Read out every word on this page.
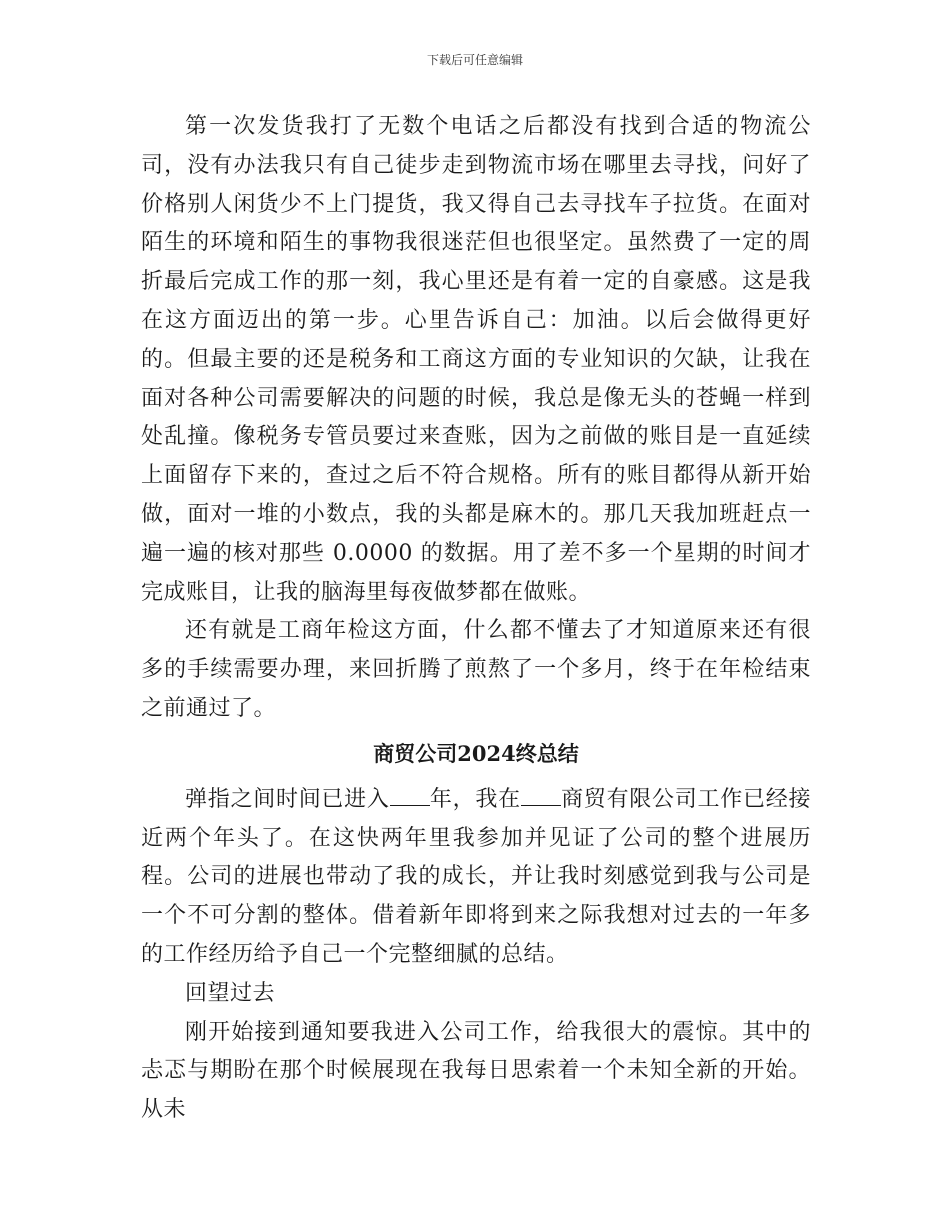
下载后可任意编辑

第一次发货我打了无数个电话之后都没有找到合适的物流公司，没有办法我只有自己徒步走到物流市场在哪里去寻找，问好了价格别人闲货少不上门提货，我又得自己去寻找车子拉货。在面对陌生的环境和陌生的事物我很迷茫但也很坚定。虽然费了一定的周折最后完成工作的那一刻，我心里还是有着一定的自豪感。这是我在这方面迈出的第一步。心里告诉自己：加油。以后会做得更好的。但最主要的还是税务和工商这方面的专业知识的欠缺，让我在面对各种公司需要解决的问题的时候，我总是像无头的苍蝇一样到处乱撞。像税务专管员要过来查账，因为之前做的账目是一直延续上面留存下来的，查过之后不符合规格。所有的账目都得从新开始做，面对一堆的小数点，我的头都是麻木的。那几天我加班赶点一遍一遍的核对那些 0.0000 的数据。用了差不多一个星期的时间才完成账目，让我的脑海里每夜做梦都在做账。

还有就是工商年检这方面，什么都不懂去了才知道原来还有很多的手续需要办理，来回折腾了煎熬了一个多月，终于在年检结束之前通过了。

商贸公司2024终总结

弹指之间时间已进入 年，我在 商贸有限公司工作已经接近两个年头了。在这快两年里我参加并见证了公司的整个进展历程。公司的进展也带动了我的成长，并让我时刻感觉到我与公司是一个不可分割的整体。借着新年即将到来之际我想对过去的一年多的工作经历给予自己一个完整细腻的总结。

回望过去

刚开始接到通知要我进入公司工作，给我很大的震惊。其中的忐忑与期盼在那个时候展现在我每日思索着一个未知全新的开始。从未
